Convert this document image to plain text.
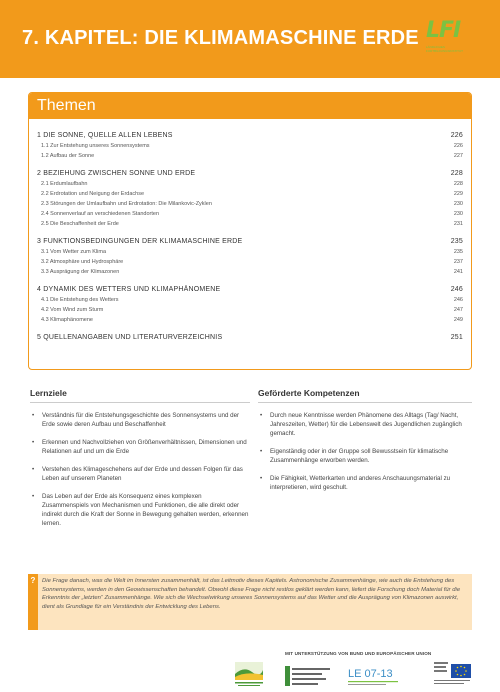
7. KAPITEL: DIE KLIMAMASCHINE ERDE LFI
LÄNDLICHES FORTBILDUNGSINSTITUT
Themen
1 DIE SONNE, QUELLE ALLEN LEBENS	226
1.1 Zur Entstehung unseres Sonnensystems	226
1.2 Aufbau der Sonne	227
2 BEZIEHUNG ZWISCHEN SONNE UND ERDE	228
2.1 Erdumlaufbahn	228
2.2 Erdrotation und Neigung der Erdachse	229
2.3 Störungen der Umlaufbahn und Erdrotation: Die Milankovic-Zyklen	230
2.4 Sonnenverlauf an verschiedenen Standorten	230
2.5 Die Beschaffenheit der Erde	231
3 FUNKTIONSBEDINGUNGEN DER KLIMAMASCHINE ERDE	235
3.1 Vom Wetter zum Klima	235
3.2 Atmosphäre und Hydrosphäre	237
3.3 Ausprägung der Klimazonen	241
4 DYNAMIK DES WETTERS UND KLIMAPHÄNOMENE	246
4.1 Die Entstehung des Wetters	246
4.2 Vom Wind zum Sturm	247
4.3 Klimaphänomene	249
5 QUELLENANGABEN UND LITERATURVERZEICHNIS	251
Lernziele
• Verständnis für die Entstehungsgeschichte des Sonnensystems und der Erde sowie deren Aufbau und Beschaffenheit
• Erkennen und Nachvollziehen von Größenverhältnissen, Dimensionen und Relationen auf und um die Erde
• Verstehen des Klimageschehens auf der Erde und dessen Folgen für das Leben auf unserem Planeten
• Das Leben auf der Erde als Konsequenz eines komplexen Zusammenspiels von Mechanismen und Funktionen, die alle direkt oder indirekt durch die Kraft der Sonne in Bewegung gehalten werden, erkennen lernen.
Geförderte Kompetenzen
• Durch neue Kenntnisse werden Phänomene des Alltags (Tag/ Nacht, Jahreszeiten, Wetter) für die Lebenswelt des Jugendlichen zugänglich gemacht.
• Eigenständig oder in der Gruppe soll Bewusstsein für klimatische Zusammenhänge erworben werden.
• Die Fähigkeit, Wetterkarten und anderes Anschauungsmaterial zu interpretieren, wird geschult.
?	Die Frage danach, was die Welt im Innersten zusammenhält, ist das Leitmotiv dieses Kapitels. Astronomische Zusammenhänge, wie auch die Entstehung des Sonnensystems, werden in den Geowissenschaften behandelt. Obwohl diese Frage nicht restlos geklärt werden kann, liefert die Forschung doch Material für die Erkenntnis der „letzten“ Zusammenhänge. Wie sich die Wechselwirkung unseres Sonnensystems auf das Wetter und die Ausprägung von Klimazonen auswirkt, dient als Grundlage für ein Verständnis der Entwicklung des Lebens.
MIT UNTERSTÜTZUNG VON BUND UND EUROPÄISCHER UNION
LE 07-13
